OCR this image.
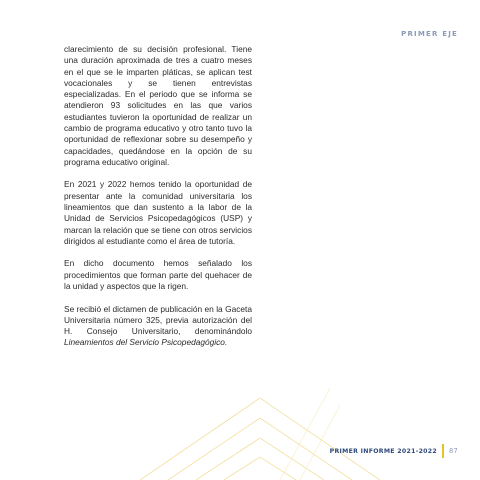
PRIMER EJE

clarecimiento de su decisión profesional. Tiene una duración aproximada de tres a cuatro meses en el que se le imparten pláticas, se aplican test vocacionales y se tienen entrevistas especializadas. En el periodo que se informa se atendieron 93 solicitudes en las que varios estudiantes tuvieron la oportunidad de realizar un cambio de programa educativo y otro tanto tuvo la oportunidad de reflexionar sobre su desempeño y capacidades, quedándose en la opción de su programa educativo original.

En 2021 y 2022 hemos tenido la oportunidad de presentar ante la comunidad universitaria los lineamientos que dan sustento a la labor de la Unidad de Servicios Psicopedagógicos (USP) y marcan la relación que se tiene con otros servicios dirigidos al estudiante como el área de tutoría.

En dicho documento hemos señalado los procedimientos que forman parte del quehacer de la unidad y aspectos que la rigen.

Se recibió el dictamen de publicación en la Gaceta Universitaria número 325, previa autorización del H. Consejo Universitario, denominándolo Lineamientos del Servicio Psicopedagógico.

PRIMER INFORME 2021-2022 87
